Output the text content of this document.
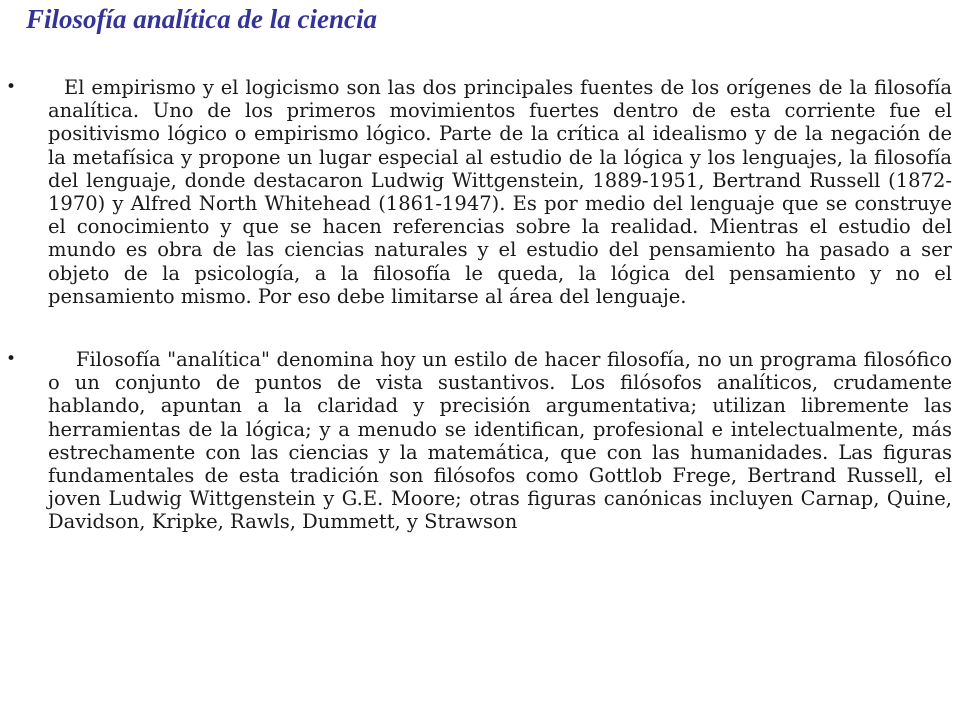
Filosofía analítica de la ciencia
• El empirismo y el logicismo son las dos principales fuentes de los orígenes de la filosofía analítica. Uno de los primeros movimientos fuertes dentro de esta corriente fue el positivismo lógico o empirismo lógico. Parte de la crítica al idealismo y de la negación de la metafísica y propone un lugar especial al estudio de la lógica y los lenguajes, la filosofía del lenguaje, donde destacaron Ludwig Wittgenstein, 1889-1951, Bertrand Russell (1872-1970) y Alfred North Whitehead (1861-1947). Es por medio del lenguaje que se construye el conocimiento y que se hacen referencias sobre la realidad. Mientras el estudio del mundo es obra de las ciencias naturales y el estudio del pensamiento ha pasado a ser objeto de la psicología, a la filosofía le queda, la lógica del pensamiento y no el pensamiento mismo. Por eso debe limitarse al área del lenguaje.
•	Filosofía "analítica" denomina hoy un estilo de hacer filosofía, no un programa filosófico o un conjunto de puntos de vista sustantivos. Los filósofos analíticos, crudamente hablando, apuntan a la claridad y precisión argumentativa; utilizan libremente las herramientas de la lógica; y a menudo se identifican, profesional e intelectualmente, más estrechamente con las ciencias y la matemática, que con las humanidades. Las figuras fundamentales de esta tradición son filósofos como Gottlob Frege, Bertrand Russell, el joven Ludwig Wittgenstein y G.E. Moore; otras figuras canónicas incluyen Carnap, Quine, Davidson, Kripke, Rawls, Dummett, y Strawson
